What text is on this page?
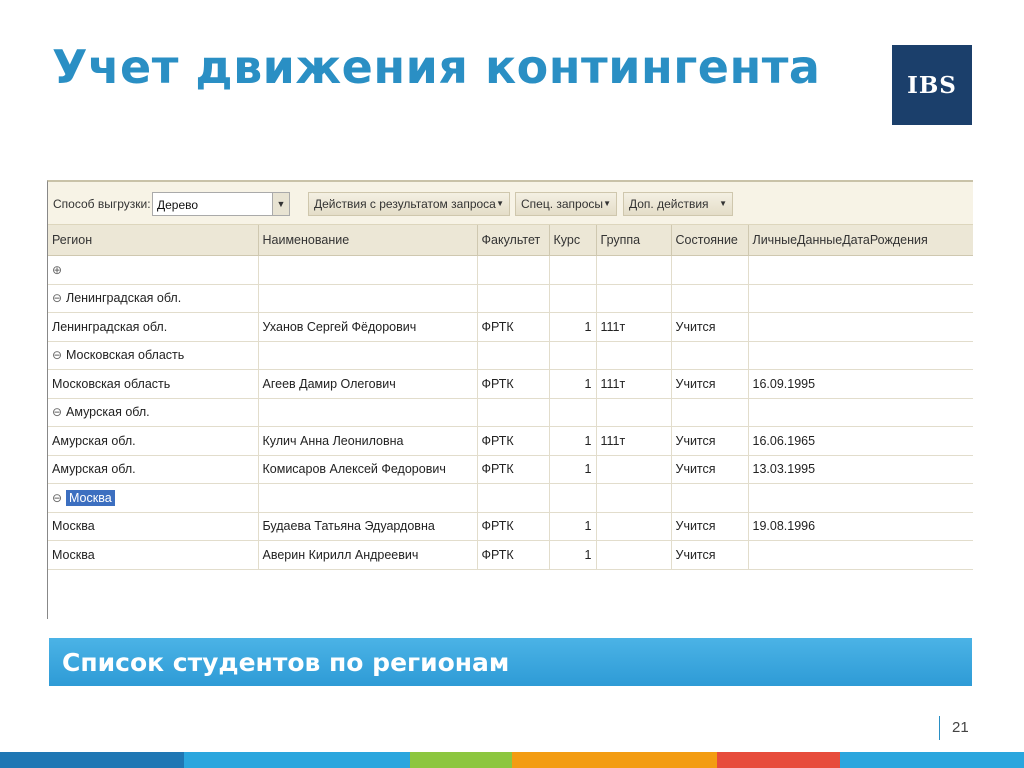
Учет движения контингента	IBS
Способ выгрузки: Дерево	▼ Действия с результатом запроса ▼ Спец. запросы ▼ Доп. действия ▼
Регион	Наименование	Факультет	Курс	Группа	Состояние	ЛичныеДанныеДатаРождения
⊕						
⊖ Ленинградская обл.						
Ленинградская обл.	Уханов Сергей Фёдорович	ФРТК	1	111т	Учится	
⊖ Московская область						
Московская область	Агеев Дамир Олегович	ФРТК	1	111т	Учится	16.09.1995
⊖ Амурская обл.						
Амурская обл.	Кулич Анна Леониловна	ФРТК	1	111т	Учится	16.06.1965
Амурская обл.	Комисаров Алексей Федорович	ФРТК	1		Учится	13.03.1995
⊖ Москва						
Москва	Будаева Татьяна Эдуардовна	ФРТК	1		Учится	19.08.1996
Москва	Аверин Кирилл Андреевич	ФРТК	1		Учится	

Список студентов по регионам
21
